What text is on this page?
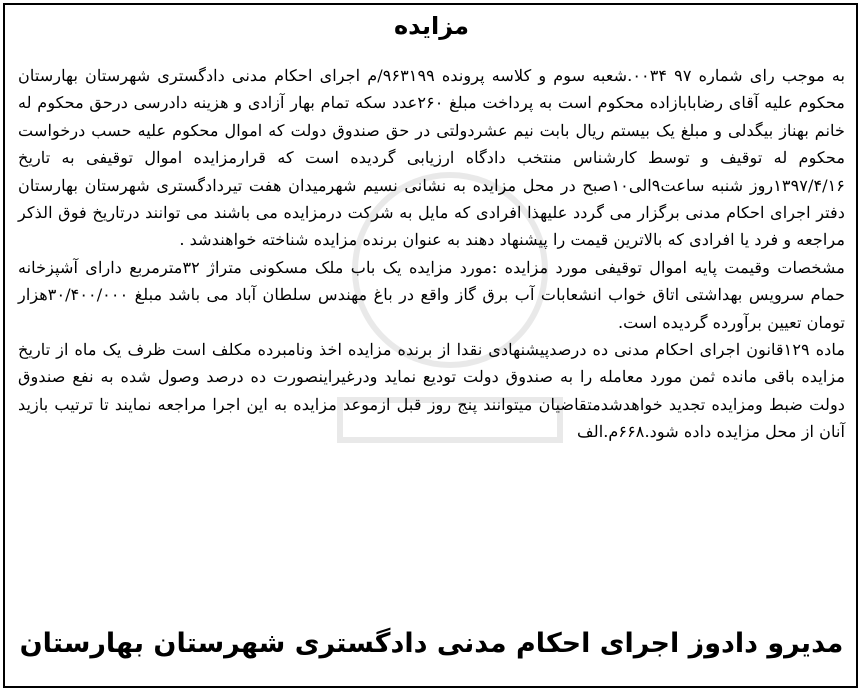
مزایده

به موجب رای شماره ۹۷ ۰۰۳۴.شعبه سوم و کلاسه پرونده ۹۶۳۱۹۹/م اجرای احکام مدنی دادگستری شهرستان بهارستان محکوم علیه آقای رضابابازاده محکوم است به پرداخت مبلغ ۲۶۰عدد سکه تمام بهار آزادی و هزینه دادرسی درحق محکوم له خانم بهناز بیگدلی و مبلغ یک بیستم ریال بابت نیم عشردولتی در حق صندوق دولت که اموال محکوم علیه حسب درخواست محکوم له توقیف و توسط کارشناس منتخب دادگاه ارزیابی گردیده است که قرارمزایده اموال توقیفی به تاریخ ۱۳۹۷/۴/۱۶روز شنبه ساعت۹الی۱۰صبح در محل مزایده به نشانی نسیم شهرمیدان هفت تیردادگستری شهرستان بهارستان دفتر اجرای احکام مدنی برگزار می گردد علیهذا افرادی که مایل به شرکت درمزایده می باشند می توانند درتاریخ فوق الذکر مراجعه و فرد یا افرادی که بالاترین قیمت را پیشنهاد دهند به عنوان برنده مزایده شناخته خواهندشد .

مشخصات وقیمت پایه اموال توقیفی مورد مزایده :مورد مزایده یک باب ملک مسکونی متراژ ۳۲مترمربع دارای آشپزخانه حمام سرویس بهداشتی اتاق خواب انشعابات آب برق گاز واقع در باغ مهندس سلطان آباد می باشد مبلغ ۳۰/۴۰۰/۰۰۰هزار تومان تعیین برآورده گردیده است.

ماده ۱۲۹قانون اجرای احکام مدنی ده درصدپیشنهادی نقدا از برنده مزایده اخذ ونامبرده مکلف است ظرف یک ماه از تاریخ مزایده باقی مانده ثمن مورد معامله را به صندوق دولت تودیع نماید ودرغیراینصورت ده درصد وصول شده به نفع صندوق دولت ضبط ومزایده تجدید خواهدشدمتقاضیان میتوانند پنج روز قبل ازموعد مزایده به این اجرا مراجعه نمایند تا ترتیب بازید آنان از محل مزایده داده شود.۶۶۸م.الف

مدیرو دادوز اجرای احکام مدنی دادگستری شهرستان بهارستان
